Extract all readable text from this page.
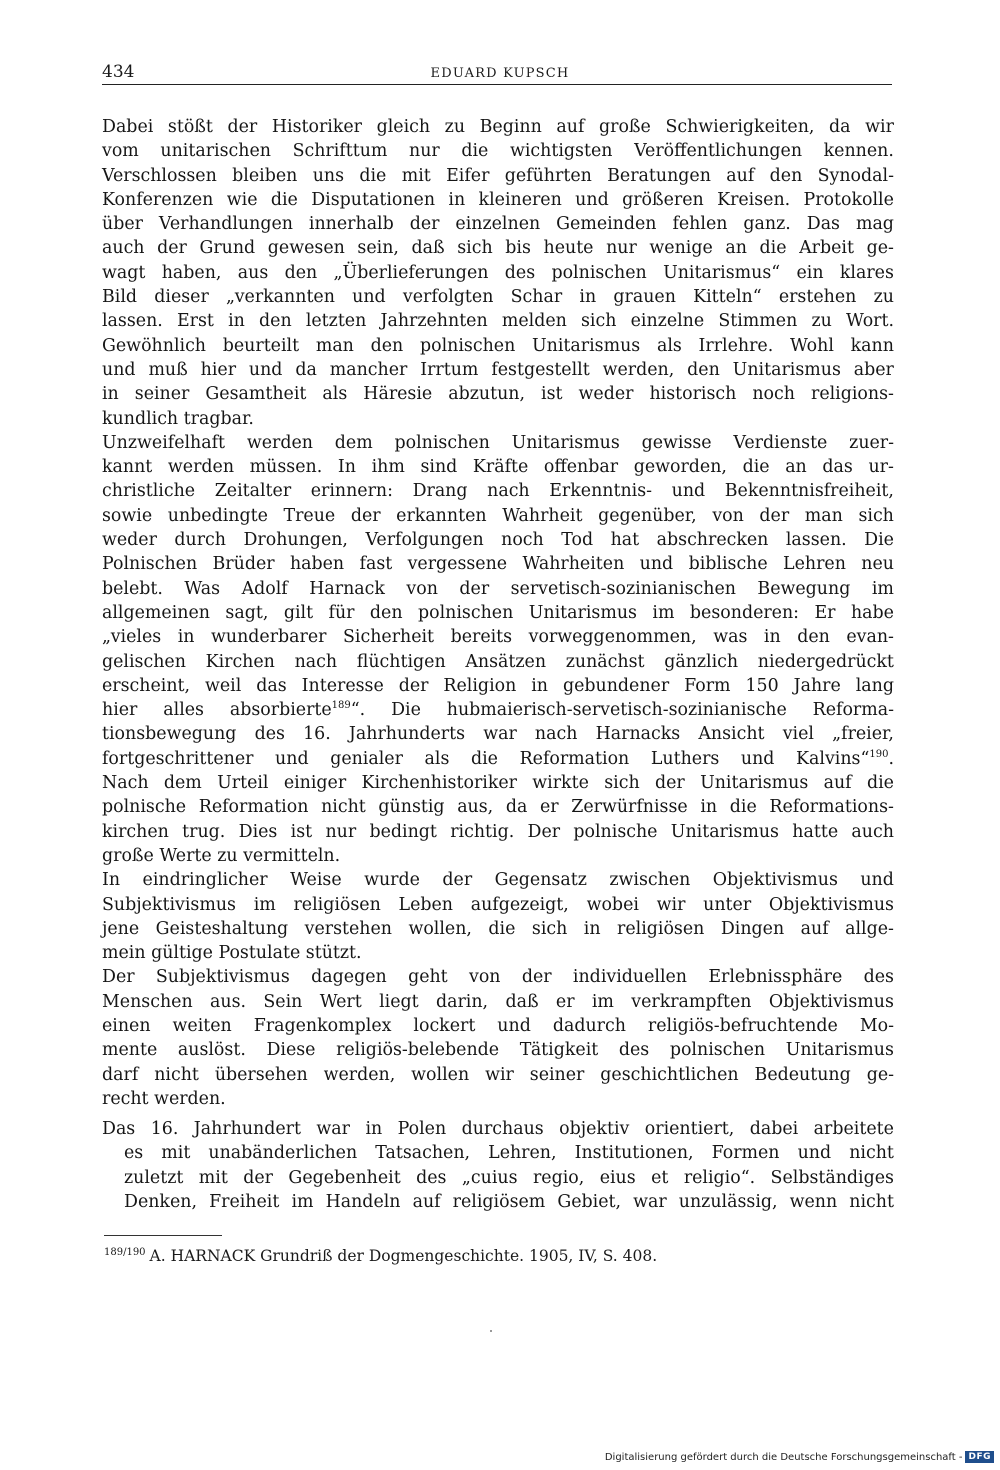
434	EDUARD KUPSCH
Dabei stößt der Historiker gleich zu Beginn auf große Schwierigkeiten, da wir
vom unitarischen Schrifttum nur die wichtigsten Veröffentlichungen kennen.
Verschlossen bleiben uns die mit Eifer geführten Beratungen auf den Synodal-
Konferenzen wie die Disputationen in kleineren und größeren Kreisen. Protokolle
über Verhandlungen innerhalb der einzelnen Gemeinden fehlen ganz. Das mag
auch der Grund gewesen sein, daß sich bis heute nur wenige an die Arbeit ge-
wagt haben, aus den „Überlieferungen des polnischen Unitarismus“ ein klares
Bild dieser „verkannten und verfolgten Schar in grauen Kitteln“ erstehen zu
lassen. Erst in den letzten Jahrzehnten melden sich einzelne Stimmen zu Wort.
Gewöhnlich beurteilt man den polnischen Unitarismus als Irrlehre. Wohl kann
und muß hier und da mancher Irrtum festgestellt werden, den Unitarismus aber
in seiner Gesamtheit als Häresie abzutun, ist weder historisch noch religions-
kundlich tragbar.
Unzweifelhaft werden dem polnischen Unitarismus gewisse Verdienste zuer-
kannt werden müssen. In ihm sind Kräfte offenbar geworden, die an das ur-
christliche Zeitalter erinnern: Drang nach Erkenntnis- und Bekenntnisfreiheit,
sowie unbedingte Treue der erkannten Wahrheit gegenüber, von der man sich
weder durch Drohungen, Verfolgungen noch Tod hat abschrecken lassen. Die
Polnischen Brüder haben fast vergessene Wahrheiten und biblische Lehren neu
belebt. Was Adolf Harnack von der servetisch-sozinianischen Bewegung im
allgemeinen sagt, gilt für den polnischen Unitarismus im besonderen: Er habe
„vieles in wunderbarer Sicherheit bereits vorweggenommen, was in den evan-
gelischen Kirchen nach flüchtigen Ansätzen zunächst gänzlich niedergedrückt
erscheint, weil das Interesse der Religion in gebundener Form 150 Jahre lang
hier alles absorbierte$^{189}$“. Die hubmaierisch-servetisch-sozinianische Reforma-
tionsbewegung des 16. Jahrhunderts war nach Harnacks Ansicht viel „freier,
fortgeschrittener und genialer als die Reformation Luthers und Kalvins“$^{190}$.
Nach dem Urteil einiger Kirchenhistoriker wirkte sich der Unitarismus auf die
polnische Reformation nicht günstig aus, da er Zerwürfnisse in die Reformations-
kirchen trug. Dies ist nur bedingt richtig. Der polnische Unitarismus hatte auch
große Werte zu vermitteln.
In eindringlicher Weise wurde der Gegensatz zwischen Objektivismus und
Subjektivismus im religiösen Leben aufgezeigt, wobei wir unter Objektivismus
jene Geisteshaltung verstehen wollen, die sich in religiösen Dingen auf allge-
mein gültige Postulate stützt.
Der Subjektivismus dagegen geht von der individuellen Erlebnissphäre des
Menschen aus. Sein Wert liegt darin, daß er im verkrampften Objektivismus
einen weiten Fragenkomplex lockert und dadurch religiös-befruchtende Mo-
mente auslöst. Diese religiös-belebende Tätigkeit des polnischen Unitarismus
darf nicht übersehen werden, wollen wir seiner geschichtlichen Bedeutung ge-
recht werden.
Das 16. Jahrhundert war in Polen durchaus objektiv orientiert, dabei arbeitete
es mit unabänderlichen Tatsachen, Lehren, Institutionen, Formen und nicht
zuletzt mit der Gegebenheit des „cuius regio, eius et religio“. Selbständiges
Denken, Freiheit im Handeln auf religiösem Gebiet, war unzulässig, wenn nicht
$^{189/190}$ A. HARNACK Grundriß der Dogmengeschichte. 1905, IV, S. 408.
Digitalisierung gefördert durch die Deutsche Forschungsgemeinschaft - DFG
